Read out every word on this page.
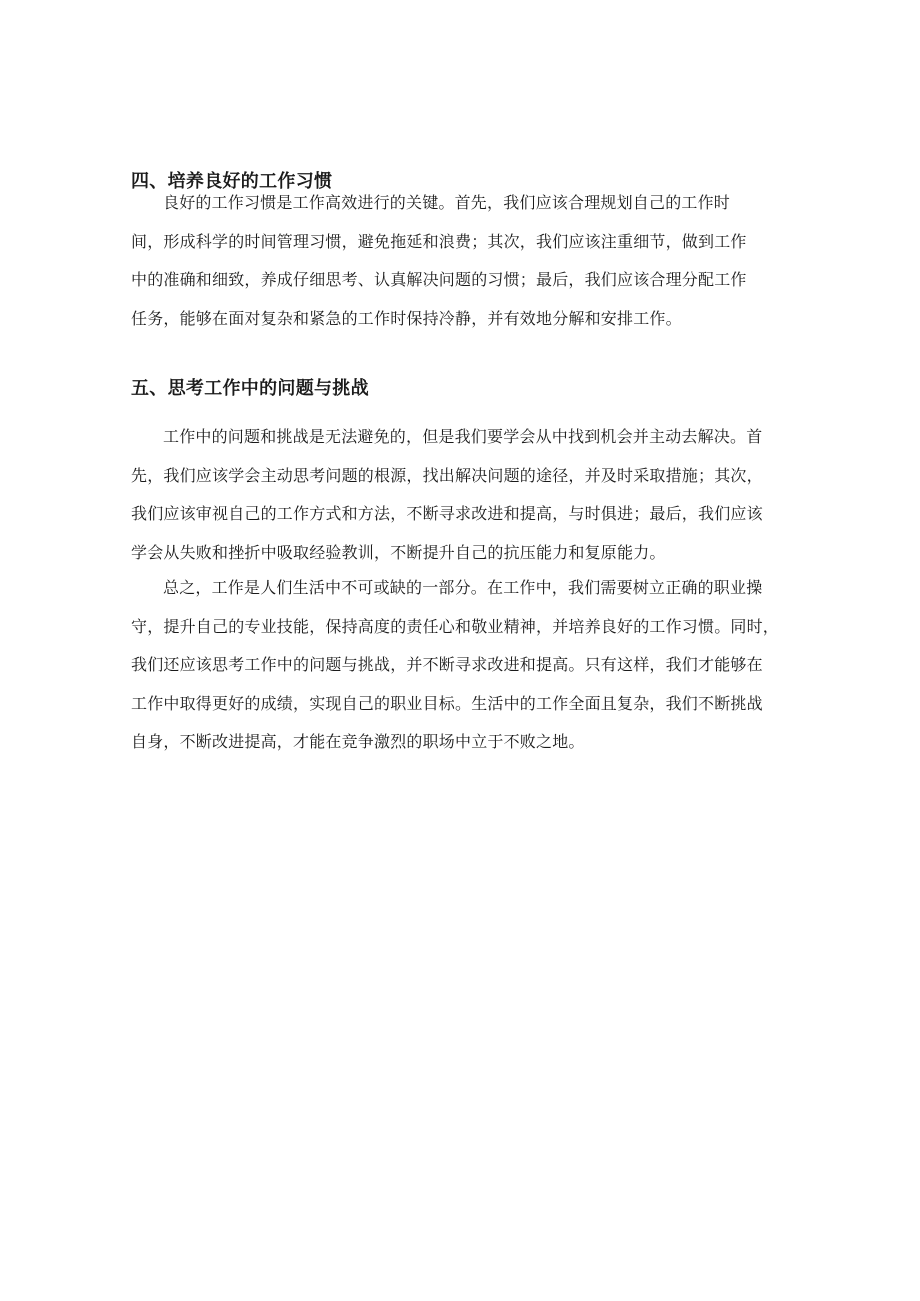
四、培养良好的工作习惯
良好的工作习惯是工作高效进行的关键。首先，我们应该合理规划自己的工作时
间，形成科学的时间管理习惯，避免拖延和浪费；其次，我们应该注重细节，做到工作
中的准确和细致，养成仔细思考、认真解决问题的习惯；最后，我们应该合理分配工作
任务，能够在面对复杂和紧急的工作时保持冷静，并有效地分解和安排工作。
五、思考工作中的问题与挑战
工作中的问题和挑战是无法避免的，但是我们要学会从中找到机会并主动去解决。首
先，我们应该学会主动思考问题的根源，找出解决问题的途径，并及时采取措施；其次，
我们应该审视自己的工作方式和方法，不断寻求改进和提高，与时俱进；最后，我们应该
学会从失败和挫折中吸取经验教训，不断提升自己的抗压能力和复原能力。
总之，工作是人们生活中不可或缺的一部分。在工作中，我们需要树立正确的职业操
守，提升自己的专业技能，保持高度的责任心和敬业精神，并培养良好的工作习惯。同时，
我们还应该思考工作中的问题与挑战，并不断寻求改进和提高。只有这样，我们才能够在
工作中取得更好的成绩，实现自己的职业目标。生活中的工作全面且复杂，我们不断挑战
自身，不断改进提高，才能在竞争激烈的职场中立于不败之地。
